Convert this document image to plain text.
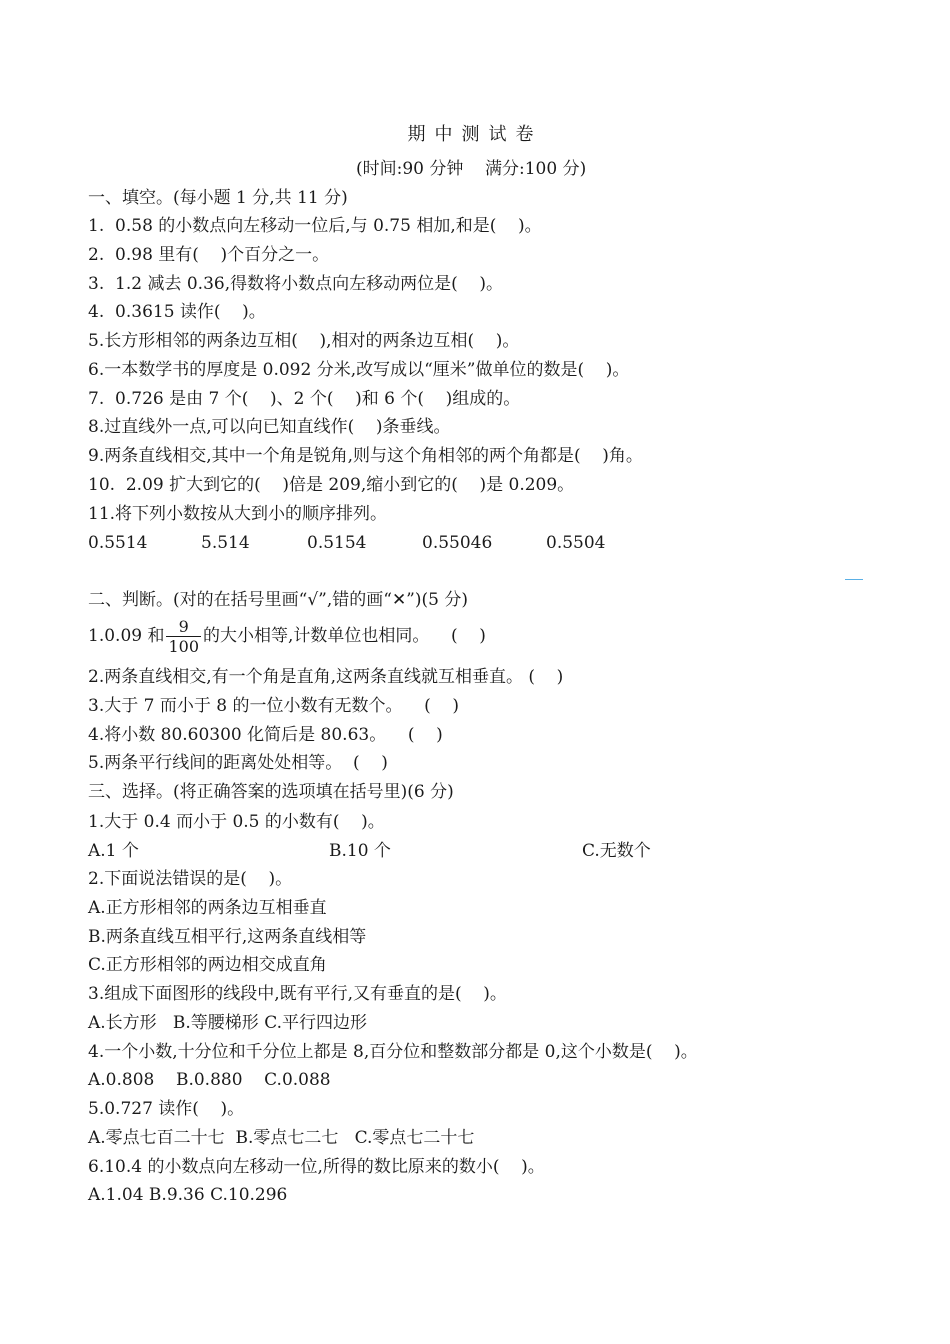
期中测试卷
(时间:90 分钟    满分:100 分)
一、填空。(每小题 1 分,共 11 分)
1.  0.58 的小数点向左移动一位后,与 0.75 相加,和是(    )。
2.  0.98 里有(    )个百分之一。
3.  1.2 减去 0.36,得数将小数点向左移动两位是(    )。
4.  0.3615 读作(    )。
5.长方形相邻的两条边互相(    ),相对的两条边互相(    )。
6.一本数学书的厚度是 0.092 分米,改写成以“厘米”做单位的数是(    )。
7.  0.726 是由 7 个(    )、2 个(    )和 6 个(    )组成的。
8.过直线外一点,可以向已知直线作(    )条垂线。
9.两条直线相交,其中一个角是锐角,则与这个角相邻的两个角都是(    )角。
10.  2.09 扩大到它的(    )倍是 209,缩小到它的(    )是 0.209。
11.将下列小数按从大到小的顺序排列。
0.5514	5.514	0.5154	0.55046	0.5504
二、判断。(对的在括号里画“√”,错的画“✕”)(5 分)
1.0.09 和 $\frac{9}{100}$ 的大小相等,计数单位也相同。    (    )
2.两条直线相交,有一个角是直角,这两条直线就互相垂直。 (    )
3.大于 7 而小于 8 的一位小数有无数个。    (    )
4.将小数 80.60300 化简后是 80.63。    (    )
5.两条平行线间的距离处处相等。  (    )
三、选择。(将正确答案的选项填在括号里)(6 分)
1.大于 0.4 而小于 0.5 的小数有(    )。
A.1 个	B.10 个	C.无数个
2.下面说法错误的是(    )。
A.正方形相邻的两条边互相垂直
B.两条直线互相平行,这两条直线相等
C.正方形相邻的两边相交成直角
3.组成下面图形的线段中,既有平行,又有垂直的是(    )。
A.长方形   B.等腰梯形 C.平行四边形
4.一个小数,十分位和千分位上都是 8,百分位和整数部分都是 0,这个小数是(    )。
A.0.808    B.0.880    C.0.088
5.0.727 读作(    )。
A.零点七百二十七  B.零点七二七   C.零点七二十七
6.10.4 的小数点向左移动一位,所得的数比原来的数小(    )。
A.1.04 B.9.36 C.10.296
